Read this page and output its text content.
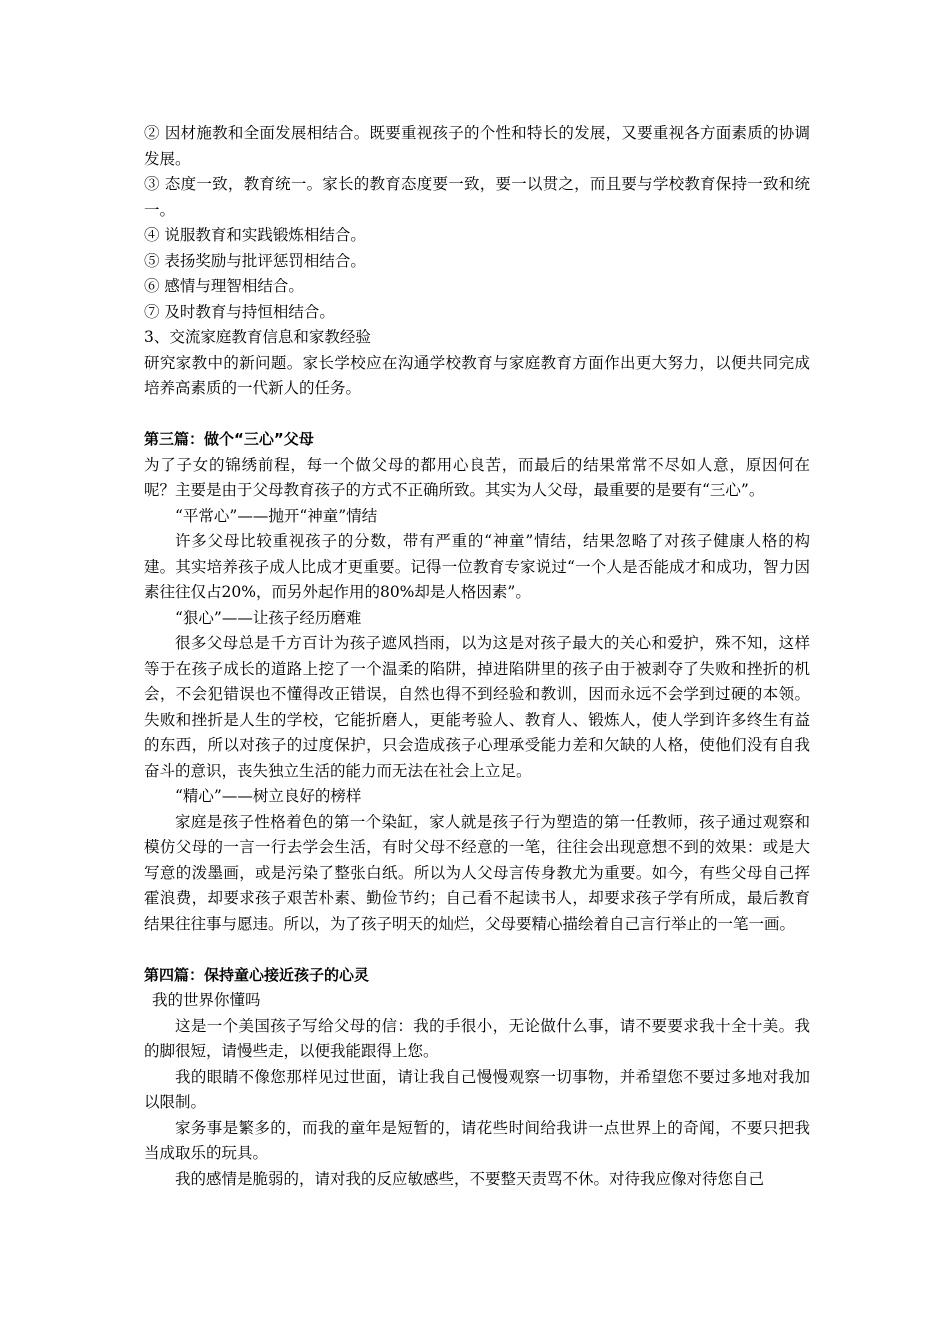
② 因材施教和全面发展相结合。既要重视孩子的个性和特长的发展，又要重视各方面素质的协调发展。

③ 态度一致，教育统一。家长的教育态度要一致，要一以贯之，而且要与学校教育保持一致和统一。

④ 说服教育和实践锻炼相结合。

⑤ 表扬奖励与批评惩罚相结合。

⑥ 感情与理智相结合。

⑦ 及时教育与持恒相结合。

3、交流家庭教育信息和家教经验

研究家教中的新问题。家长学校应在沟通学校教育与家庭教育方面作出更大努力，以便共同完成培养高素质的一代新人的任务。

第三篇：做个“三心”父母

为了子女的锦绣前程，每一个做父母的都用心良苦，而最后的结果常常不尽如人意，原因何在呢？主要是由于父母教育孩子的方式不正确所致。其实为人父母，最重要的是要有“三心”。

“平常心”——抛开“神童”情结

许多父母比较重视孩子的分数，带有严重的“神童”情结，结果忽略了对孩子健康人格的构建。其实培养孩子成人比成才更重要。记得一位教育专家说过“一个人是否能成才和成功，智力因素往往仅占20%，而另外起作用的80%却是人格因素”。

“狠心”——让孩子经历磨难

很多父母总是千方百计为孩子遮风挡雨，以为这是对孩子最大的关心和爱护，殊不知，这样等于在孩子成长的道路上挖了一个温柔的陷阱，掉进陷阱里的孩子由于被剥夺了失败和挫折的机会，不会犯错误也不懂得改正错误，自然也得不到经验和教训，因而永远不会学到过硬的本领。失败和挫折是人生的学校，它能折磨人，更能考验人、教育人、锻炼人，使人学到许多终生有益的东西，所以对孩子的过度保护，只会造成孩子心理承受能力差和欠缺的人格，使他们没有自我奋斗的意识，丧失独立生活的能力而无法在社会上立足。

“精心”——树立良好的榜样

家庭是孩子性格着色的第一个染缸，家人就是孩子行为塑造的第一任教师，孩子通过观察和模仿父母的一言一行去学会生活，有时父母不经意的一笔，往往会出现意想不到的效果：或是大写意的泼墨画，或是污染了整张白纸。所以为人父母言传身教尤为重要。如今，有些父母自己挥霍浪费，却要求孩子艰苦朴素、勤俭节约；自己看不起读书人，却要求孩子学有所成，最后教育结果往往事与愿违。所以，为了孩子明天的灿烂，父母要精心描绘着自己言行举止的一笔一画。

第四篇：保持童心接近孩子的心灵

我的世界你懂吗

这是一个美国孩子写给父母的信：我的手很小，无论做什么事，请不要要求我十全十美。我的脚很短，请慢些走，以便我能跟得上您。

我的眼睛不像您那样见过世面，请让我自己慢慢观察一切事物，并希望您不要过多地对我加以限制。

家务事是繁多的，而我的童年是短暂的，请花些时间给我讲一点世界上的奇闻，不要只把我当成取乐的玩具。

我的感情是脆弱的，请对我的反应敏感些，不要整天责骂不休。对待我应像对待您自己
